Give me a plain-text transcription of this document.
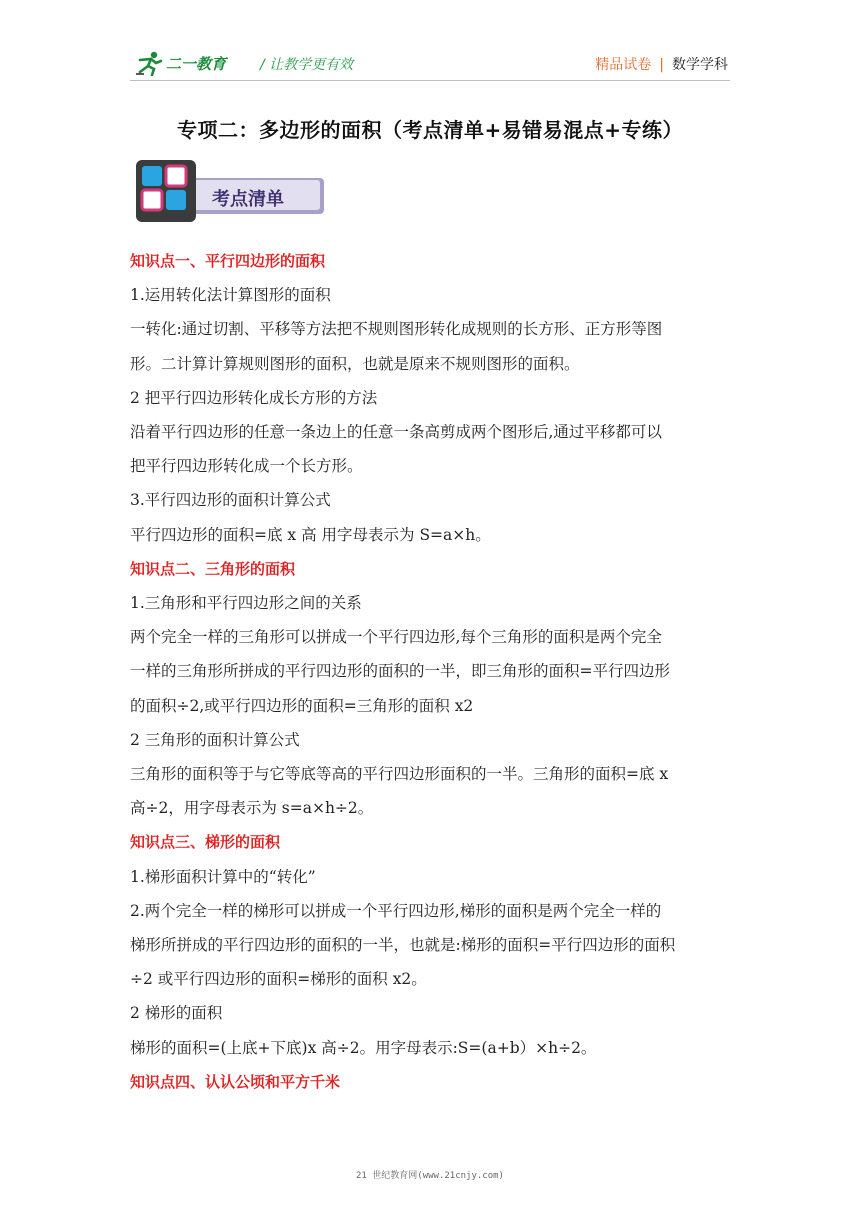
二一教育 / 让教学更有效	精品试卷 | 数学学科
专项二：多边形的面积（考点清单+易错易混点+专练）
考点清单

知识点一、平行四边形的面积

1.运用转化法计算图形的面积

一转化:通过切割、平移等方法把不规则图形转化成规则的长方形、正方形等图

形。二计算计算规则图形的面积，也就是原来不规则图形的面积。

2 把平行四边形转化成长方形的方法

沿着平行四边形的任意一条边上的任意一条高剪成两个图形后,通过平移都可以

把平行四边形转化成一个长方形。

3.平行四边形的面积计算公式

平行四边形的面积=底 x 高 用字母表示为 S=a×h。

知识点二、三角形的面积

1.三角形和平行四边形之间的关系

两个完全一样的三角形可以拼成一个平行四边形,每个三角形的面积是两个完全

一样的三角形所拼成的平行四边形的面积的一半，即三角形的面积=平行四边形

的面积÷2,或平行四边形的面积=三角形的面积 x2

2 三角形的面积计算公式

三角形的面积等于与它等底等高的平行四边形面积的一半。三角形的面积=底 x

高÷2，用字母表示为 s=a×h÷2。

知识点三、梯形的面积

1.梯形面积计算中的“转化”

2.两个完全一样的梯形可以拼成一个平行四边形,梯形的面积是两个完全一样的

梯形所拼成的平行四边形的面积的一半，也就是:梯形的面积=平行四边形的面积

÷2 或平行四边形的面积=梯形的面积 x2。

2 梯形的面积

梯形的面积=(上底+下底)x 高÷2。用字母表示:S=(a+b）×h÷2。

知识点四、认认公顷和平方千米

21 世纪教育网(www.21cnjy.com)
